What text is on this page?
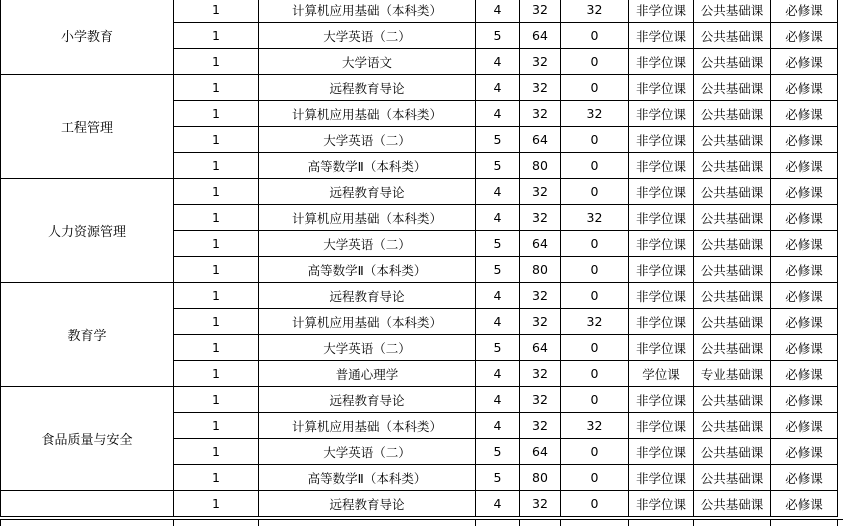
小学教育	1	计算机应用基础（本科类）	4	32	32	非学位课	公共基础课	必修课
	1	大学英语（二）	5	64	0	非学位课	公共基础课	必修课
	1	大学语文	4	32	0	非学位课	公共基础课	必修课
工程管理	1	远程教育导论	4	32	0	非学位课	公共基础课	必修课
	1	计算机应用基础（本科类）	4	32	32	非学位课	公共基础课	必修课
	1	大学英语（二）	5	64	0	非学位课	公共基础课	必修课
	1	高等数学Ⅱ（本科类）	5	80	0	非学位课	公共基础课	必修课
人力资源管理	1	远程教育导论	4	32	0	非学位课	公共基础课	必修课
	1	计算机应用基础（本科类）	4	32	32	非学位课	公共基础课	必修课
	1	大学英语（二）	5	64	0	非学位课	公共基础课	必修课
	1	高等数学Ⅱ（本科类）	5	80	0	非学位课	公共基础课	必修课
教育学	1	远程教育导论	4	32	0	非学位课	公共基础课	必修课
	1	计算机应用基础（本科类）	4	32	32	非学位课	公共基础课	必修课
	1	大学英语（二）	5	64	0	非学位课	公共基础课	必修课
	1	普通心理学	4	32	0	学位课	专业基础课	必修课
食品质量与安全	1	远程教育导论	4	32	0	非学位课	公共基础课	必修课
	1	计算机应用基础（本科类）	4	32	32	非学位课	公共基础课	必修课
	1	大学英语（二）	5	64	0	非学位课	公共基础课	必修课
	1	高等数学Ⅱ（本科类）	5	80	0	非学位课	公共基础课	必修课
	1	远程教育导论	4	32	0	非学位课	公共基础课	必修课
